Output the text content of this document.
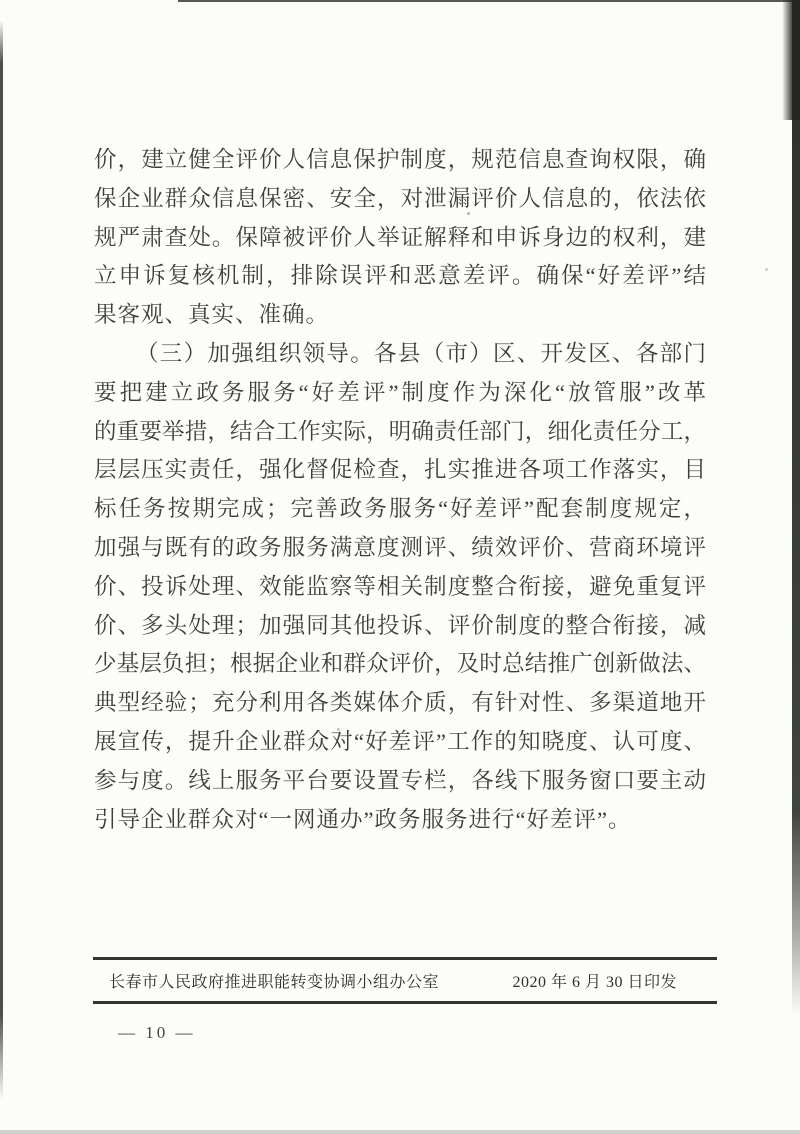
价，建立健全评价人信息保护制度，规范信息查询权限，确
保企业群众信息保密、安全，对泄漏评价人信息的，依法依
规严肃查处。保障被评价人举证解释和申诉身边的权利，建
立申诉复核机制，排除误评和恶意差评。确保“好差评”结
果客观、真实、准确。
（三）加强组织领导。各县（市）区、开发区、各部门
要把建立政务服务“好差评”制度作为深化“放管服”改革
的重要举措，结合工作实际，明确责任部门，细化责任分工，
层层压实责任，强化督促检查，扎实推进各项工作落实，目
标任务按期完成；完善政务服务“好差评”配套制度规定，
加强与既有的政务服务满意度测评、绩效评价、营商环境评
价、投诉处理、效能监察等相关制度整合衔接，避免重复评
价、多头处理；加强同其他投诉、评价制度的整合衔接，减
少基层负担；根据企业和群众评价，及时总结推广创新做法、
典型经验；充分利用各类媒体介质，有针对性、多渠道地开
展宣传，提升企业群众对“好差评”工作的知晓度、认可度、
参与度。线上服务平台要设置专栏，各线下服务窗口要主动
引导企业群众对“一网通办”政务服务进行“好差评”。
长春市人民政府推进职能转变协调小组办公室	2020 年 6 月 30 日印发
— 10 —
